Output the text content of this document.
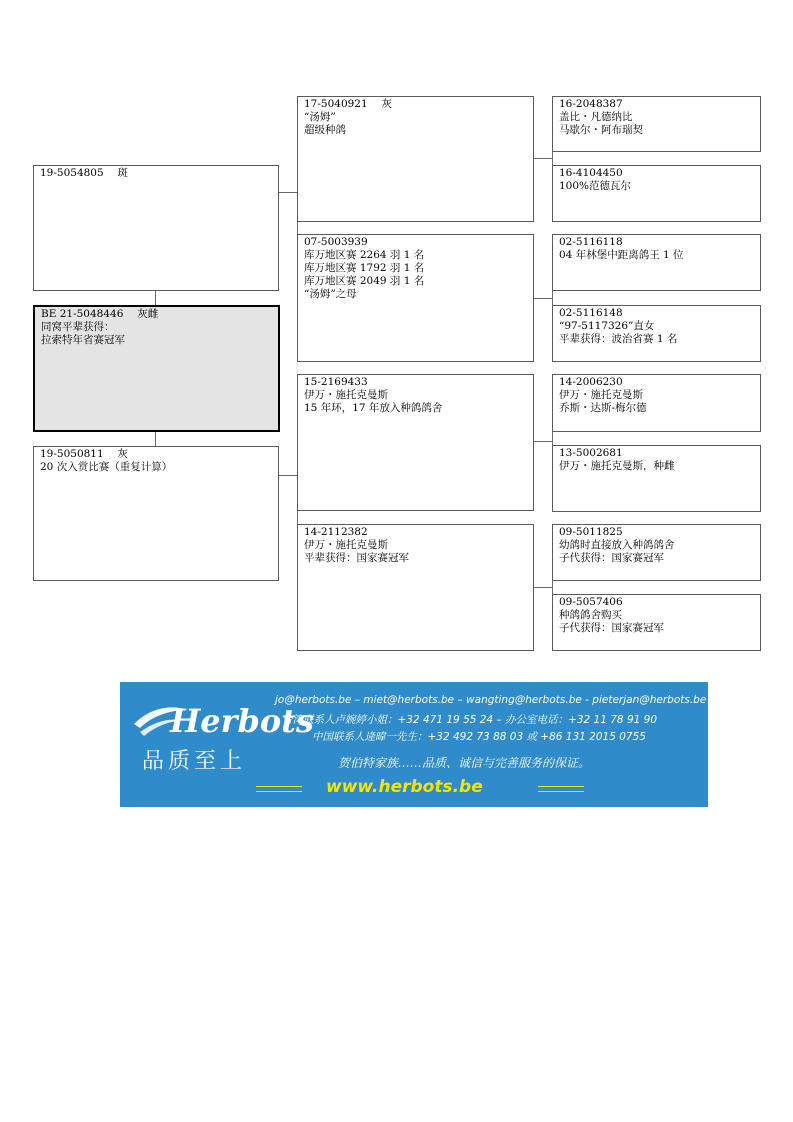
19-5054805　 斑
BE 21-5048446　 灰雌
同窝平辈获得：
拉索特年省赛冠军
19-5050811　 灰
20 次入赏比赛（重复计算）
17-5040921　 灰
“汤姆”
超级种鸽
07-5003939
库万地区赛 2264 羽 1 名
库万地区赛 1792 羽 1 名
库万地区赛 2049 羽 1 名
“汤姆”之母
15-2169433
伊万・施托克曼斯
15 年环，17 年放入种鸽鸽舍
14-2112382
伊万・施托克曼斯
平辈获得：国家赛冠军
16-2048387
盖比・凡德纳比
马歇尔・阿布瑞契
16-4104450
100%范德瓦尔
02-5116118
04 年林堡中距离鸽王 1 位
02-5116148
“97-5117326”直女
平辈获得：波治省赛 1 名
14-2006230
伊万・施托克曼斯
乔斯・达斯-梅尔德
13-5002681
伊万・施托克曼斯，种雌
09-5011825
幼鸽时直接放入种鸽鸽舍
子代获得：国家赛冠军
09-5057406
种鸽鸽舍购买
子代获得：国家赛冠军
Herbots
品质至上
jo@herbots.be – miet@herbots.be – wangting@herbots.be - pieterjan@herbots.be
台湾联系人卢婉婷小姐：+32 471 19 55 24 – 办公室电话：+32 11 78 91 90
中国联系人逄暐一先生：+32 492 73 88 03 或 +86 131 2015 0755
贺伯特家族……品质、诚信与完善服务的保证。
www.herbots.be
